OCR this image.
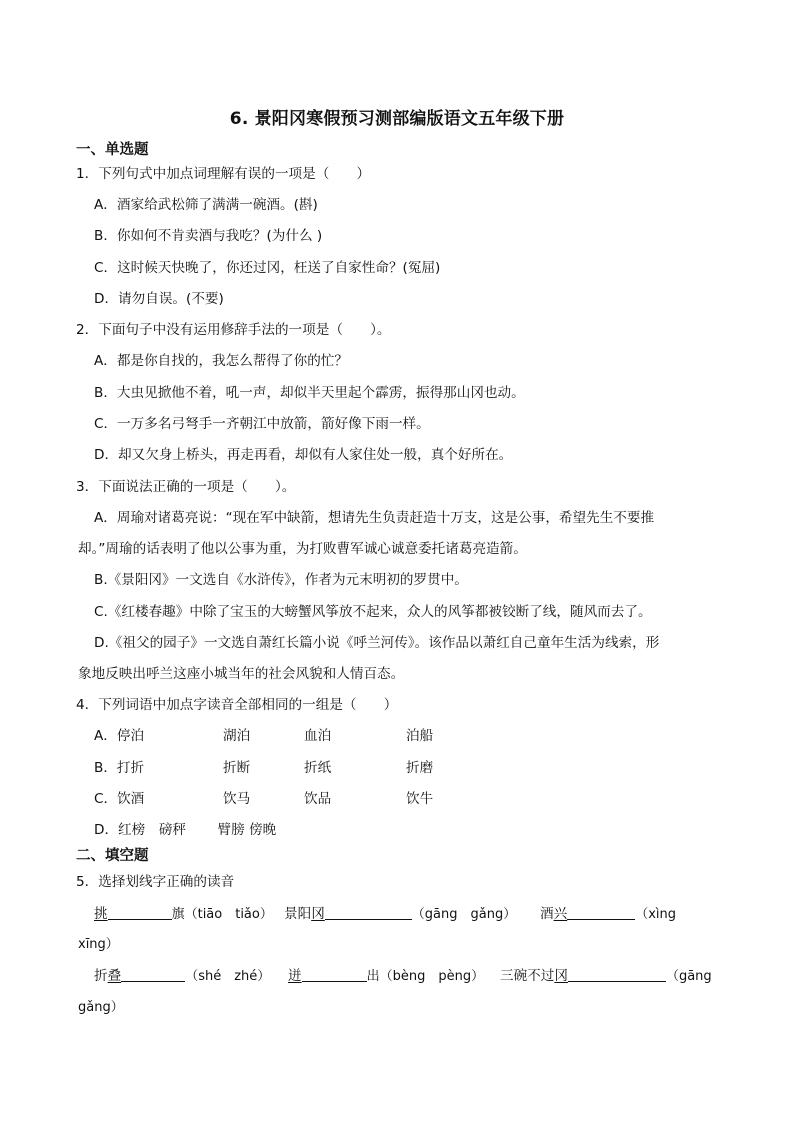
6. 景阳冈寒假预习测部编版语文五年级下册
一、单选题
1．下列句式中加点词理解有误的一项是（　　）
A．酒家给武松筛了满满一碗酒。(斟)
B．你如何不肯卖酒与我吃？(为什么 )
C．这时候天快晚了，你还过冈，枉送了自家性命？(冤屈)
D．请勿自误。(不要)
2．下面句子中没有运用修辞手法的一项是（　　）。
A．都是你自找的，我怎么帮得了你的忙？
B．大虫见掀他不着，吼一声，却似半天里起个霹雳，振得那山冈也动。
C．一万多名弓弩手一齐朝江中放箭，箭好像下雨一样。
D．却又欠身上桥头，再走再看，却似有人家住处一般，真个好所在。
3．下面说法正确的一项是（　　）。
A．周瑜对诸葛亮说：“现在军中缺箭，想请先生负责赶造十万支，这是公事，希望先生不要推
却。”周瑜的话表明了他以公事为重，为打败曹军诚心诚意委托诸葛亮造箭。
B.《景阳冈》一文选自《水浒传》，作者为元末明初的罗贯中。
C.《红楼春趣》中除了宝玉的大螃蟹风筝放不起来，众人的风筝都被铰断了线，随风而去了。
D.《祖父的园子》一文选自萧红长篇小说《呼兰河传》。该作品以萧红自己童年生活为线索，形
象地反映出呼兰这座小城当年的社会风貌和人情百态。
4．下列词语中加点字读音全部相同的一组是（　　）
A．停泊	湖泊	血泊	泊船
B．打折	折断	折纸	折磨
C．饮酒	饮马	饮品	饮牛
D．红榜　磅秤　　 臂膀 傍晚
二、填空题
5．选择划线字正确的读音
挑	旗（tiāo　tiǎo） 景阳冈	（gāng　gǎng） 酒兴	（xìng
xīng）
折叠	（shé　zhé） 迸	出（bèng　pèng） 三碗不过冈	（gāng
gǎng）
